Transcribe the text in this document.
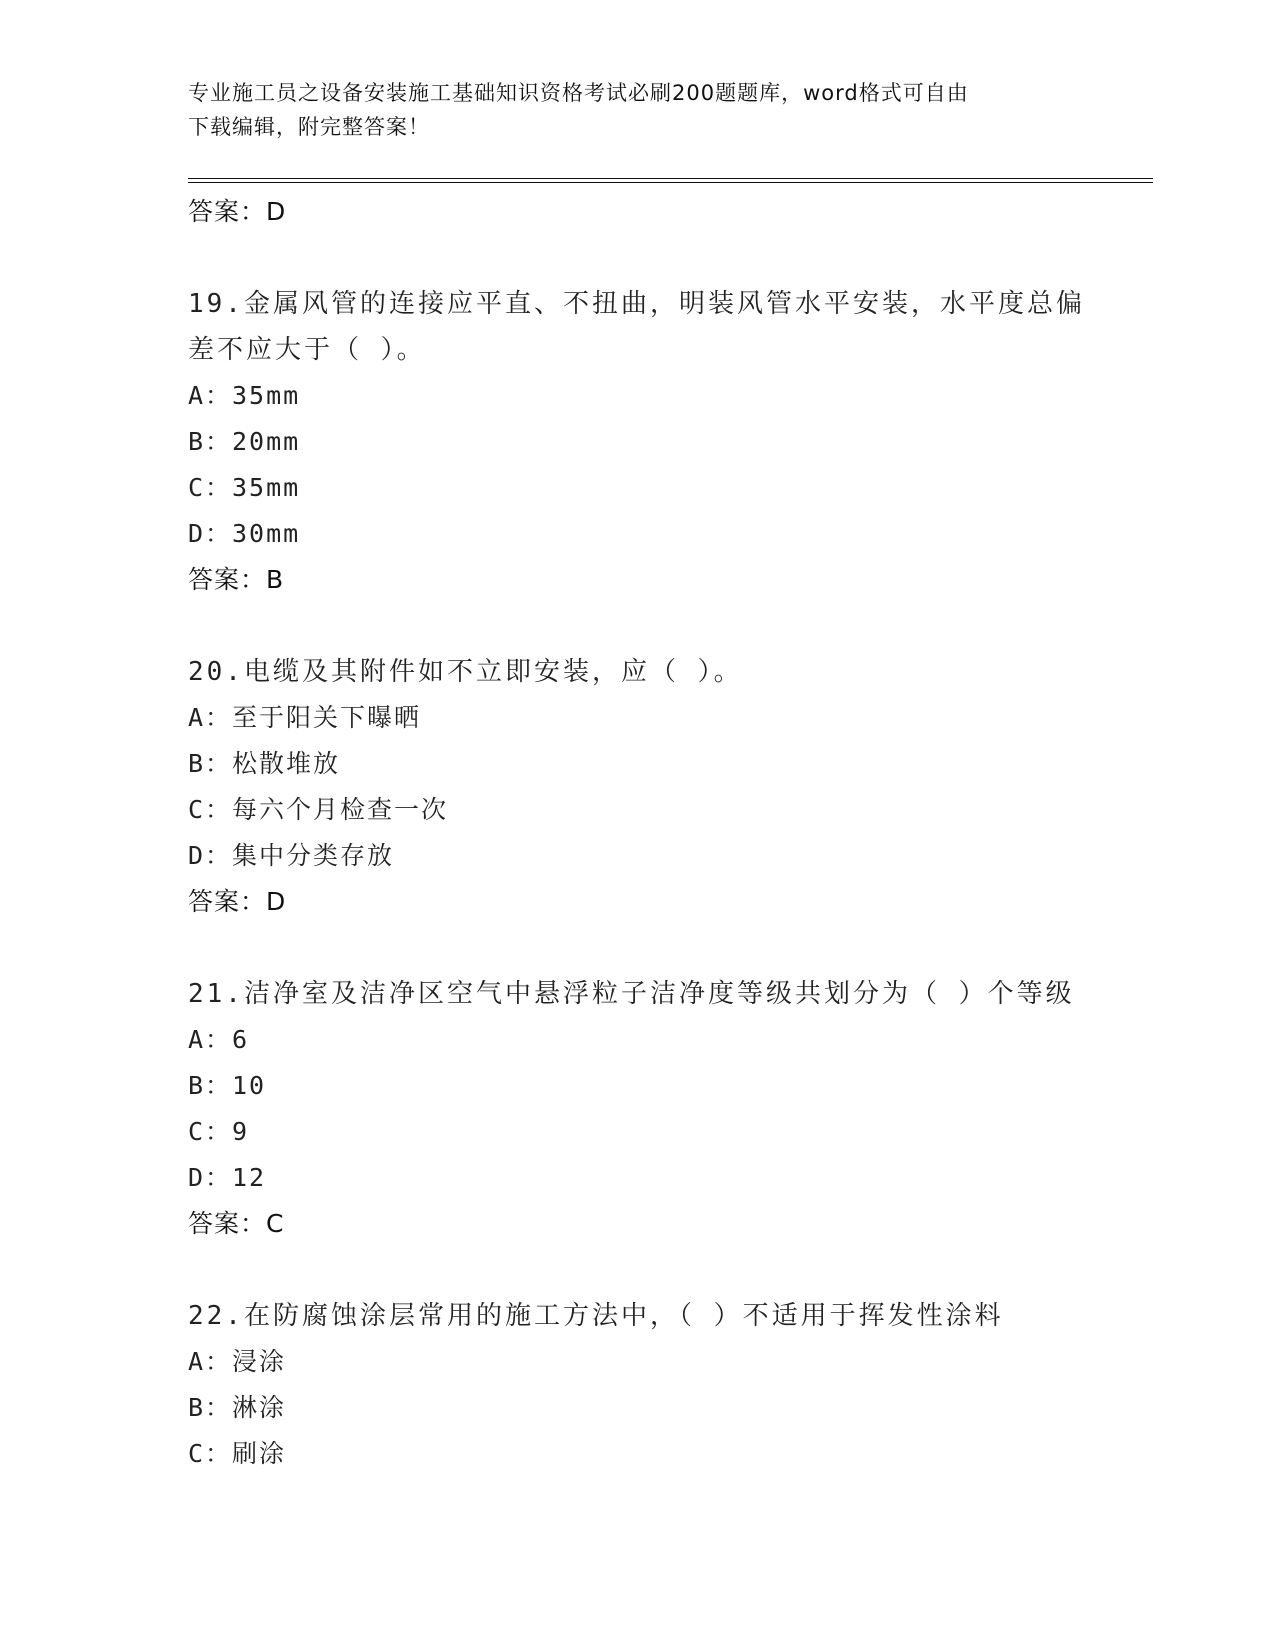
专业施工员之设备安装施工基础知识资格考试必刷200题题库，word格式可自由
下载编辑，附完整答案！
答案：D
19.金属风管的连接应平直、不扭曲，明装风管水平安装，水平度总偏
差不应大于（ ）。
A：35mm
B：20mm
C：35mm
D：30mm
答案：B
20.电缆及其附件如不立即安装，应（ ）。
A：至于阳关下曝晒
B：松散堆放
C：每六个月检查一次
D：集中分类存放
答案：D
21.洁净室及洁净区空气中悬浮粒子洁净度等级共划分为（ ）个等级
A：6
B：10
C：9
D：12
答案：C
22.在防腐蚀涂层常用的施工方法中，（ ）不适用于挥发性涂料
A：浸涂
B：淋涂
C：刷涂
